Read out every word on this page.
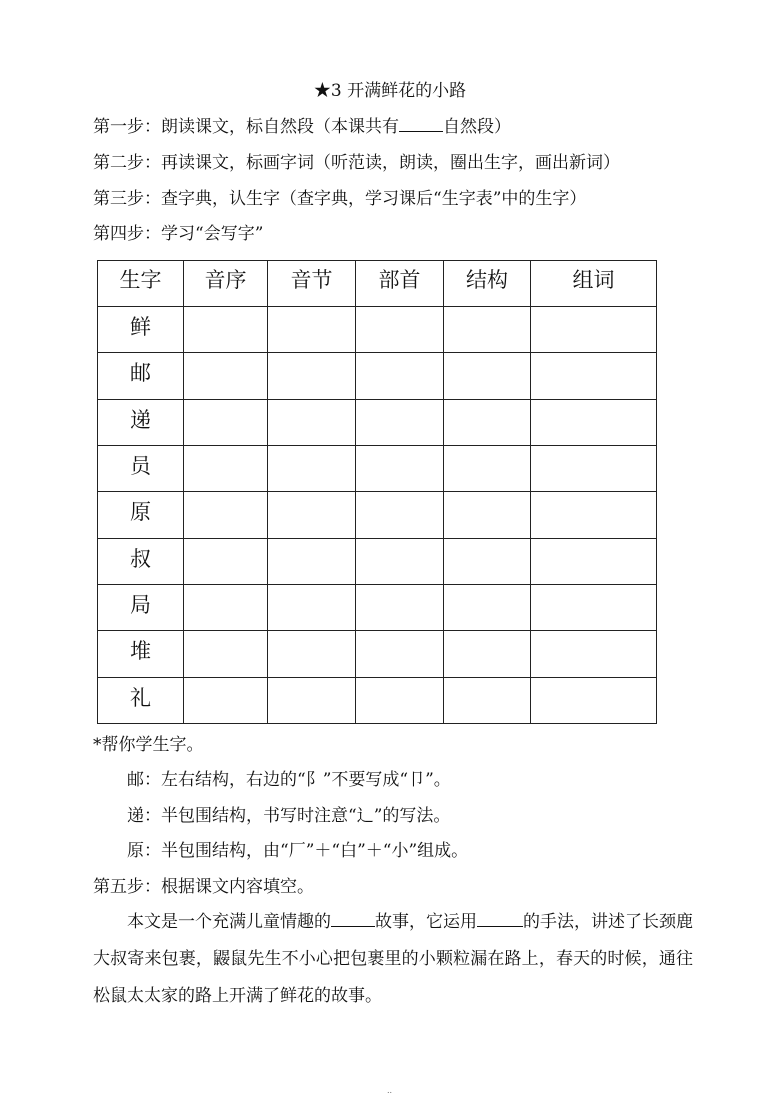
★3 开满鲜花的小路
第一步：朗读课文，标自然段（本课共有	自然段）
第二步：再读课文，标画字词（听范读，朗读，圈出生字，画出新词）
第三步：查字典，认生字（查字典，学习课后“生字表”中的生字）
第四步：学习“会写字”
生字	音序	音节	部首	结构	组词
鲜					
邮					
递					
员					
原					
叔					
局					
堆					
礼					
*帮你学生字。
邮：左右结构，右边的“阝”不要写成“卩”。
递：半包围结构，书写时注意“辶”的写法。
原：半包围结构，由“厂”＋“白”＋“小”组成。
第五步：根据课文内容填空。
本文是一个充满儿童情趣的	故事，它运用	的手法，讲述了长颈鹿大叔寄来包裹，鼹鼠先生不小心把包裹里的小颗粒漏在路上，春天的时候，通往松鼠太太家的路上开满了鲜花的故事。
..
